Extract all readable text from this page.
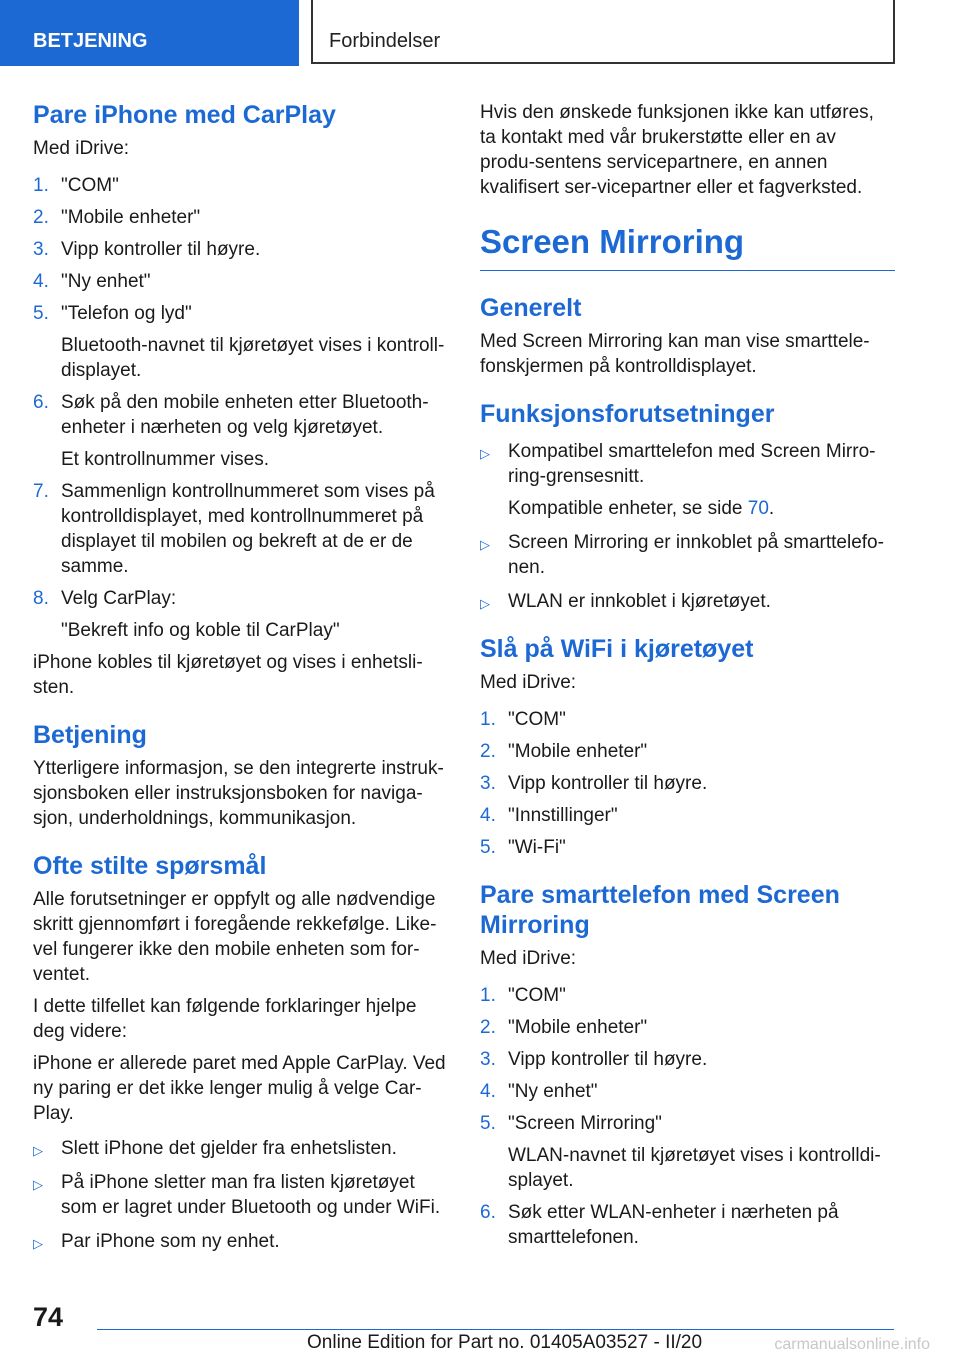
BETJENING	Forbindelser
Pare iPhone med CarPlay

Med iDrive:

1. "COM"
2. "Mobile enheter"
3. Vipp kontroller til høyre.
4. "Ny enhet"
5. "Telefon og lyd"
Bluetooth-navnet til kjøretøyet vises i kontroll-displayet.
6. Søk på den mobile enheten etter Bluetooth-enheter i nærheten og velg kjøretøyet.
Et kontrollnummer vises.
7. Sammenlign kontrollnummeret som vises på kontrolldisplayet, med kontrollnummeret på displayet til mobilen og bekreft at de er de samme.
8. Velg CarPlay:
"Bekreft info og koble til CarPlay"

iPhone kobles til kjøretøyet og vises i enhetsli-sten.

Betjening

Ytterligere informasjon, se den integrerte instruk-sjonsboken eller instruksjonsboken for naviga-sjon, underholdnings, kommunikasjon.

Ofte stilte spørsmål

Alle forutsetninger er oppfylt og alle nødvendige skritt gjennomført i foregående rekkefølge. Like-vel fungerer ikke den mobile enheten som for-ventet.

I dette tilfellet kan følgende forklaringer hjelpe deg videre:

iPhone er allerede paret med Apple CarPlay. Ved ny paring er det ikke lenger mulig å velge Car-Play.

▷ Slett iPhone det gjelder fra enhetslisten.
▷ På iPhone sletter man fra listen kjøretøyet som er lagret under Bluetooth og under WiFi.
▷ Par iPhone som ny enhet.

Hvis den ønskede funksjonen ikke kan utføres, ta kontakt med vår brukerstøtte eller en av produ-sentens servicepartnere, en annen kvalifisert ser-vicepartner eller et fagverksted.

Screen Mirroring
Generelt

Med Screen Mirroring kan man vise smarttele-fonskjermen på kontrolldisplayet.

Funksjonsforutsetninger
▷ Kompatibel smarttelefon med Screen Mirro-ring-grensesnitt.
Kompatible enheter, se side 70.
▷ Screen Mirroring er innkoblet på smarttelefo-nen.
▷ WLAN er innkoblet i kjøretøyet.
Slå på WiFi i kjøretøyet

Med iDrive:

1. "COM"
2. "Mobile enheter"
3. Vipp kontroller til høyre.
4. "Innstillinger"
5. "Wi-Fi"
Pare smarttelefon med Screen Mirroring

Med iDrive:

1. "COM"
2. "Mobile enheter"
3. Vipp kontroller til høyre.
4. "Ny enhet"
5. "Screen Mirroring"
WLAN-navnet til kjøretøyet vises i kontrolldi-splayet.
6. Søk etter WLAN-enheter i nærheten på smarttelefonen.
74
Online Edition for Part no. 01405A03527 - II/20	carmanualsonline.info
